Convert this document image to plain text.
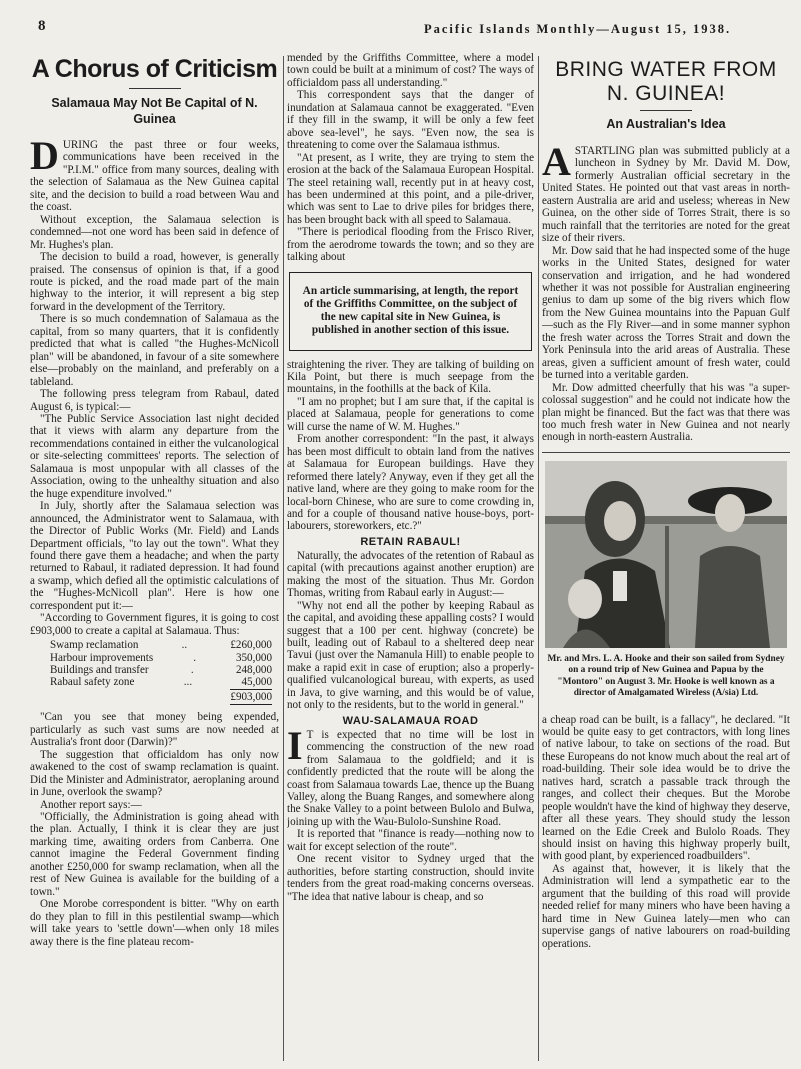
8	Pacific Islands Monthly—August 15, 1938.
A Chorus of Criticism
Salamaua May Not Be Capital of N. Guinea

DURING the past three or four weeks, communications have been received in the "P.I.M." office from many sources, dealing with the selection of Salamaua as the New Guinea capital site, and the decision to build a road between Wau and the coast.

Without exception, the Salamaua selection is condemned—not one word has been said in defence of Mr. Hughes's plan.

The decision to build a road, however, is generally praised. The consensus of opinion is that, if a good route is picked, and the road made part of the main highway to the interior, it will represent a big step forward in the development of the Territory.

There is so much condemnation of Salamaua as the capital, from so many quarters, that it is confidently predicted that what is called "the Hughes-McNicoll plan" will be abandoned, in favour of a site somewhere else—probably on the mainland, and preferably on a tableland.

The following press telegram from Rabaul, dated August 6, is typical:—

"The Public Service Association last night decided that it views with alarm any departure from the recommendations contained in either the vulcanological or site-selecting committees' reports. The selection of Salamaua is most unpopular with all classes of the Association, owing to the unhealthy situation and also the huge expenditure involved."

In July, shortly after the Salamaua selection was announced, the Administrator went to Salamaua, with the Director of Public Works (Mr. Field) and Lands Department officials, "to lay out the town". What they found there gave them a headache; and when the party returned to Rabaul, it radiated depression. It had found a swamp, which defied all the optimistic calculations of the "Hughes-McNicoll plan". Here is how one correspondent put it:—

"According to Government figures, it is going to cost £903,000 to create a capital at Salamaua. Thus:

Swamp reclamation	..	£260,000
Harbour improvements	.	350,000
Buildings and transfer	.	248,000
Rabaul safety zone	...	45,000
£903,000

"Can you see that money being expended, particularly as such vast sums are now needed at Australia's front door (Darwin)?"

The suggestion that officialdom has only now awakened to the cost of swamp reclamation is quaint. Did the Minister and Administrator, aeroplaning around in June, overlook the swamp?

Another report says:—

"Officially, the Administration is going ahead with the plan. Actually, I think it is clear they are just marking time, awaiting orders from Canberra. One cannot imagine the Federal Government finding another £250,000 for swamp reclamation, when all the rest of New Guinea is available for the building of a town."

One Morobe correspondent is bitter. "Why on earth do they plan to fill in this pestilential swamp—which will take years to 'settle down'—when only 18 miles away there is the fine plateau recom-

mended by the Griffiths Committee, where a model town could be built at a minimum of cost? The ways of officialdom pass all understanding."

This correspondent says that the danger of inundation at Salamaua cannot be exaggerated. "Even if they fill in the swamp, it will be only a few feet above sea-level", he says. "Even now, the sea is threatening to come over the Salamaua isthmus.

"At present, as I write, they are trying to stem the erosion at the back of the Salamaua European Hospital. The steel retaining wall, recently put in at heavy cost, has been undermined at this point, and a pile-driver, which was sent to Lae to drive piles for bridges there, has been brought back with all speed to Salamaua.

"There is periodical flooding from the Frisco River, from the aerodrome towards the town; and so they are talking about

An article summarising, at length, the report of the Griffiths Committee, on the subject of the new capital site in New Guinea, is published in another section of this issue.

straightening the river. They are talking of building on Kila Point, but there is much seepage from the mountains, in the foothills at the back of Kila.

"I am no prophet; but I am sure that, if the capital is placed at Salamaua, people for generations to come will curse the name of W. M. Hughes."

From another correspondent: "In the past, it always has been most difficult to obtain land from the natives at Salamaua for European buildings. Have they reformed there lately? Anyway, even if they get all the native land, where are they going to make room for the local-born Chinese, who are sure to come crowding in, and for a couple of thousand native house-boys, port-labourers, storeworkers, etc.?"

RETAIN RABAUL!

Naturally, the advocates of the retention of Rabaul as capital (with precautions against another eruption) are making the most of the situation. Thus Mr. Gordon Thomas, writing from Rabaul early in August:—

"Why not end all the pother by keeping Rabaul as the capital, and avoiding these appalling costs? I would suggest that a 100 per cent. highway (concrete) be built, leading out of Rabaul to a sheltered deep near Tavui (just over the Namanula Hill) to enable people to make a rapid exit in case of eruption; also a properly-qualified vulcanological bureau, with experts, as used in Java, to give warning, and this would be of value, not only to the residents, but to the world in general."

WAU-SALAMAUA ROAD

I T is expected that no time will be lost in commencing the construction of the new road from Salamaua to the goldfield; and it is confidently predicted that the route will be along the coast from Salamaua towards Lae, thence up the Buang Valley, along the Buang Ranges, and somewhere along the Snake Valley to a point between Bulolo and Bulwa, joining up with the Wau-Bulolo-Sunshine Road.

It is reported that "finance is ready—nothing now to wait for except selection of the route".

One recent visitor to Sydney urged that the authorities, before starting construction, should invite tenders from the great road-making concerns overseas. "The idea that native labour is cheap, and so

BRING WATER FROM N. GUINEA!
An Australian's Idea

ASTARTLING plan was submitted publicly at a luncheon in Sydney by Mr. David M. Dow, formerly Australian official secretary in the United States. He pointed out that vast areas in north-eastern Australia are arid and useless; whereas in New Guinea, on the other side of Torres Strait, there is so much rainfall that the territories are noted for the great size of their rivers.

Mr. Dow said that he had inspected some of the huge works in the United States, designed for water conservation and irrigation, and he had wondered whether it was not possible for Australian engineering genius to dam up some of the big rivers which flow from the New Guinea mountains into the Papuan Gulf—such as the Fly River—and in some manner syphon the fresh water across the Torres Strait and down the York Peninsula into the arid areas of Australia. These areas, given a sufficient amount of fresh water, could be turned into a veritable garden.

Mr. Dow admitted cheerfully that his was "a super-colossal suggestion" and he could not indicate how the plan might be financed. But the fact was that there was too much fresh water in New Guinea and not nearly enough in north-eastern Australia.

Mr. and Mrs. L. A. Hooke and their son sailed from Sydney on a round trip of New Guinea and Papua by the "Montoro" on August 3. Mr. Hooke is well known as a director of Amalgamated Wireless (A/sia) Ltd.

a cheap road can be built, is a fallacy", he declared. "It would be quite easy to get contractors, with long lines of native labour, to take on sections of the road. But these Europeans do not know much about the real art of road-building. Their sole idea would be to drive the natives hard, scratch a passable track through the ranges, and collect their cheques. But the Morobe people wouldn't have the kind of highway they deserve, after all these years. They should study the lesson learned on the Edie Creek and Bulolo Roads. They should insist on having this highway properly built, with good plant, by experienced roadbuilders".

As against that, however, it is likely that the Administration will lend a sympathetic ear to the argument that the building of this road will provide needed relief for many miners who have been having a hard time in New Guinea lately—men who can supervise gangs of native labourers on road-building operations.
